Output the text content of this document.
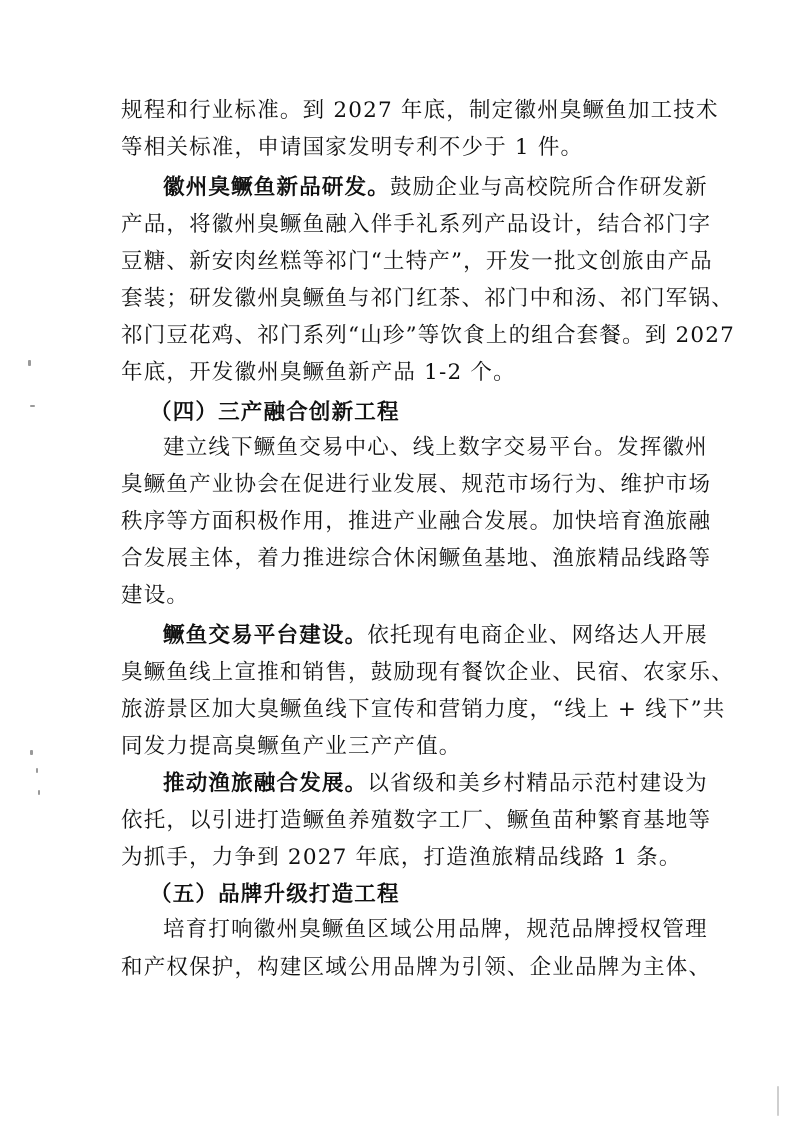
规程和行业标准。到 2027 年底，制定徽州臭鳜鱼加工技术
等相关标准，申请国家发明专利不少于 1 件。
徽州臭鳜鱼新品研发。鼓励企业与高校院所合作研发新
产品，将徽州臭鳜鱼融入伴手礼系列产品设计，结合祁门字
豆糖、新安肉丝糕等祁门“土特产”，开发一批文创旅由产品
套装；研发徽州臭鳜鱼与祁门红茶、祁门中和汤、祁门军锅、
祁门豆花鸡、祁门系列“山珍”等饮食上的组合套餐。到 2027
年底，开发徽州臭鳜鱼新产品 1-2 个。
（四）三产融合创新工程
建立线下鳜鱼交易中心、线上数字交易平台。发挥徽州
臭鳜鱼产业协会在促进行业发展、规范市场行为、维护市场
秩序等方面积极作用，推进产业融合发展。加快培育渔旅融
合发展主体，着力推进综合休闲鳜鱼基地、渔旅精品线路等
建设。
鳜鱼交易平台建设。依托现有电商企业、网络达人开展
臭鳜鱼线上宣推和销售，鼓励现有餐饮企业、民宿、农家乐、
旅游景区加大臭鳜鱼线下宣传和营销力度，“线上 + 线下”共
同发力提高臭鳜鱼产业三产产值。
推动渔旅融合发展。以省级和美乡村精品示范村建设为
依托，以引进打造鳜鱼养殖数字工厂、鳜鱼苗种繁育基地等
为抓手，力争到 2027 年底，打造渔旅精品线路 1 条。
（五）品牌升级打造工程
培育打响徽州臭鳜鱼区域公用品牌，规范品牌授权管理
和产权保护，构建区域公用品牌为引领、企业品牌为主体、
